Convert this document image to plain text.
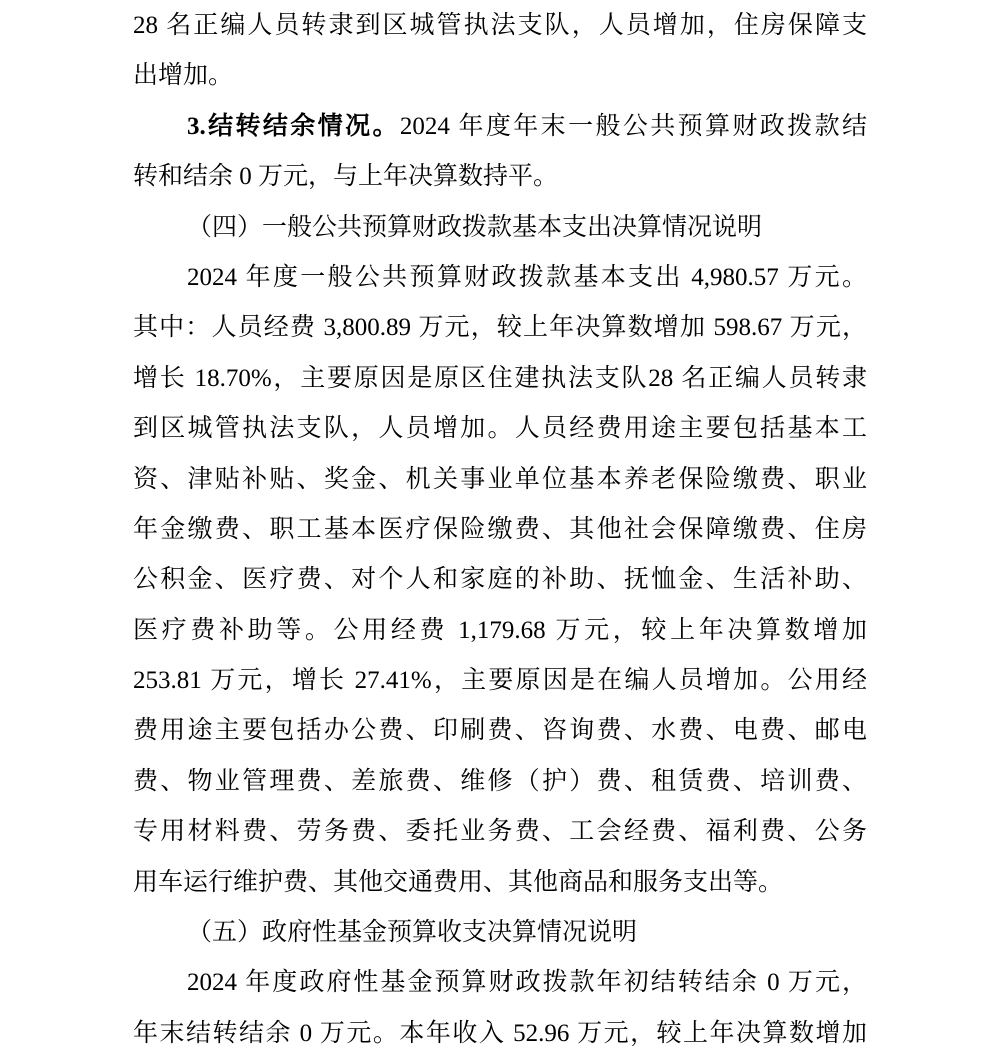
28 名正编人员转隶到区城管执法支队，人员增加，住房保障支
出增加。
3.结转结余情况。2024 年度年末一般公共预算财政拨款结
转和结余 0 万元，与上年决算数持平。
（四）一般公共预算财政拨款基本支出决算情况说明
2024 年度一般公共预算财政拨款基本支出 4,980.57 万元。
其中：人员经费 3,800.89 万元，较上年决算数增加 598.67 万元，
增长 18.70%，主要原因是原区住建执法支队28 名正编人员转隶
到区城管执法支队，人员增加。人员经费用途主要包括基本工
资、津贴补贴、奖金、机关事业单位基本养老保险缴费、职业
年金缴费、职工基本医疗保险缴费、其他社会保障缴费、住房
公积金、医疗费、对个人和家庭的补助、抚恤金、生活补助、
医疗费补助等。公用经费 1,179.68 万元，较上年决算数增加
253.81 万元，增长 27.41%，主要原因是在编人员增加。公用经
费用途主要包括办公费、印刷费、咨询费、水费、电费、邮电
费、物业管理费、差旅费、维修（护）费、租赁费、培训费、
专用材料费、劳务费、委托业务费、工会经费、福利费、公务
用车运行维护费、其他交通费用、其他商品和服务支出等。
（五）政府性基金预算收支决算情况说明
2024 年度政府性基金预算财政拨款年初结转结余 0 万元，
年末结转结余 0 万元。本年收入 52.96 万元，较上年决算数增加
